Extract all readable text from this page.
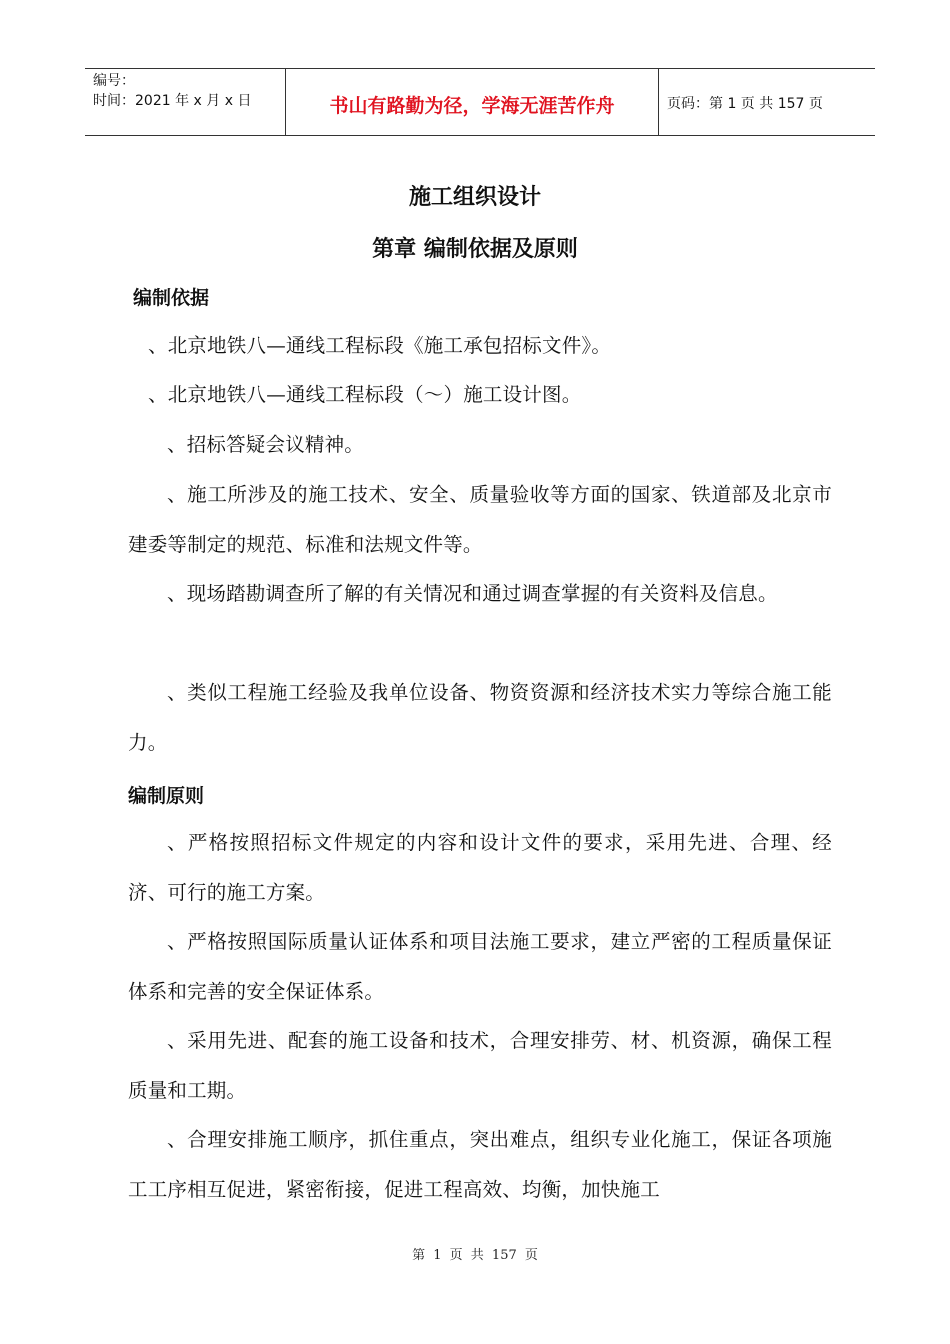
编号：
时间：2021 年 x 月 x 日	书山有路勤为径，学海无涯苦作舟	页码：第 1 页 共 157 页
施工组织设计
第章 编制依据及原则
编制依据
、北京地铁八—通线工程标段《施工承包招标文件》。
、北京地铁八—通线工程标段（～）施工设计图。
、招标答疑会议精神。
、施工所涉及的施工技术、安全、质量验收等方面的国家、铁道部及北京市建委等制定的规范、标准和法规文件等。
、现场踏勘调查所了解的有关情况和通过调查掌握的有关资料及信息。
、类似工程施工经验及我单位设备、物资资源和经济技术实力等综合施工能力。
编制原则
、严格按照招标文件规定的内容和设计文件的要求，采用先进、合理、经济、可行的施工方案。
、严格按照国际质量认证体系和项目法施工要求，建立严密的工程质量保证体系和完善的安全保证体系。
、采用先进、配套的施工设备和技术，合理安排劳、材、机资源，确保工程质量和工期。
、合理安排施工顺序，抓住重点，突出难点，组织专业化施工，保证各项施工工序相互促进，紧密衔接，促进工程高效、均衡，加快施工
第 1 页 共 157 页
